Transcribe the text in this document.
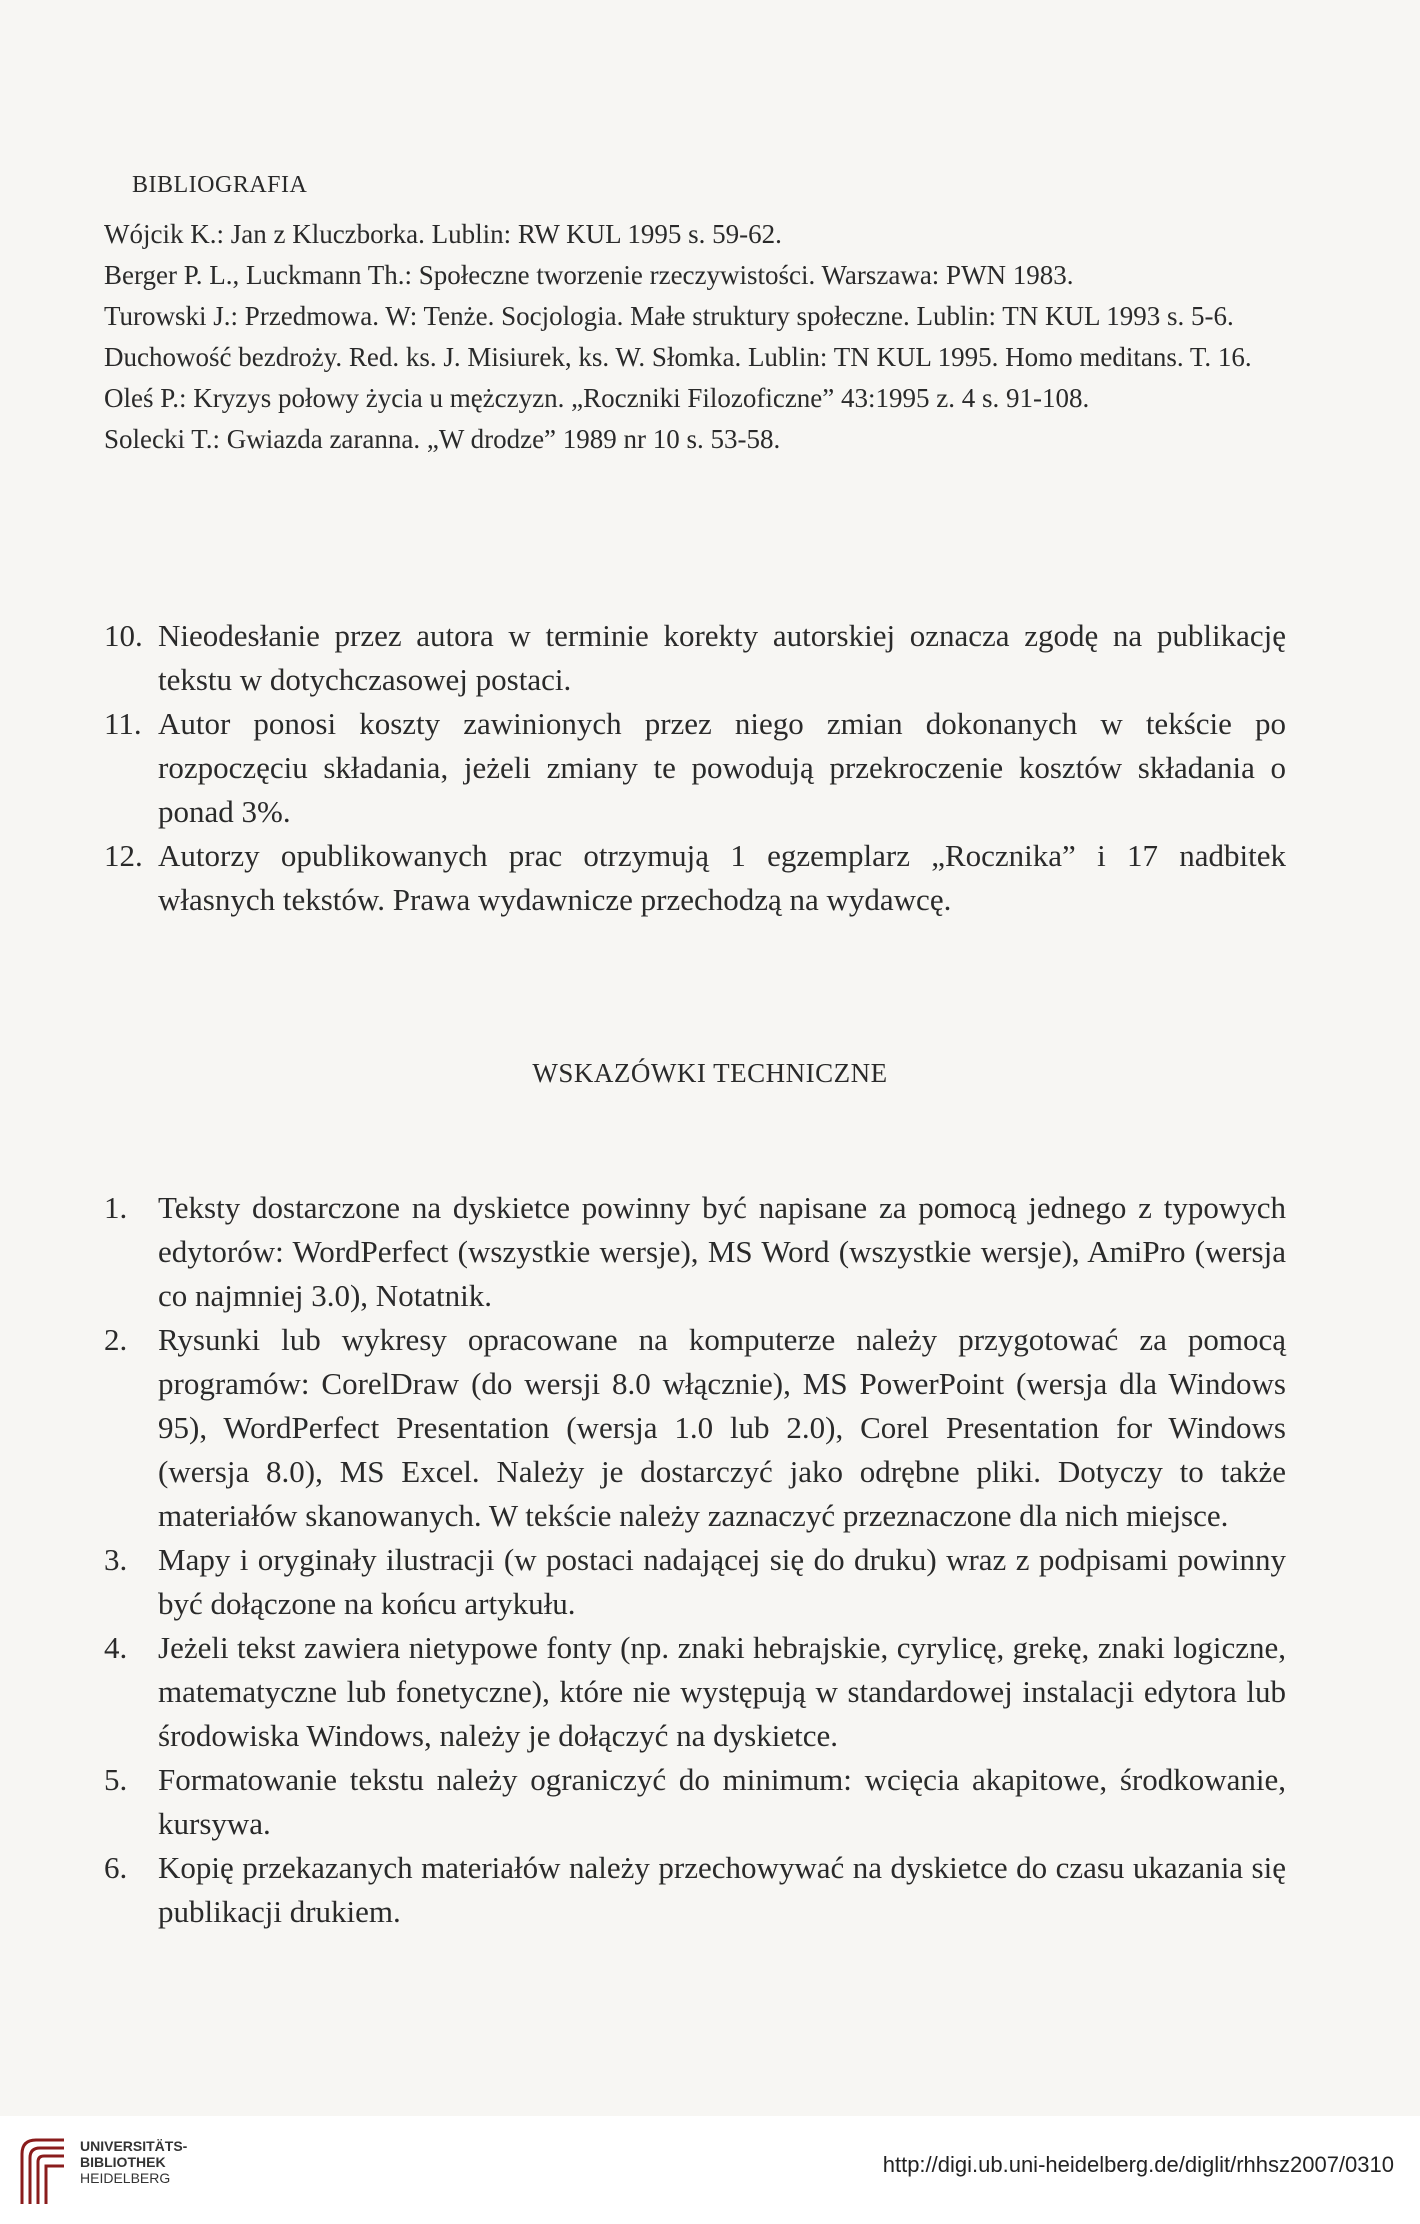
BIBLIOGRAFIA
Wójcik K.: Jan z Kluczborka. Lublin: RW KUL 1995 s. 59-62.
Berger P. L., Luckmann Th.: Społeczne tworzenie rzeczywistości. Warszawa: PWN 1983.
Turowski J.: Przedmowa. W: Tenże. Socjologia. Małe struktury społeczne. Lublin: TN KUL 1993 s. 5-6.
Duchowość bezdroży. Red. ks. J. Misiurek, ks. W. Słomka. Lublin: TN KUL 1995. Homo meditans. T. 16.
Oleś P.: Kryzys połowy życia u mężczyzn. „Roczniki Filozoficzne” 43:1995 z. 4 s. 91-108.
Solecki T.: Gwiazda zaranna. „W drodze” 1989 nr 10 s. 53-58.
10. Nieodesłanie przez autora w terminie korekty autorskiej oznacza zgodę na publikację tekstu w dotychczasowej postaci.
11. Autor ponosi koszty zawinionych przez niego zmian dokonanych w tekście po rozpoczęciu składania, jeżeli zmiany te powodują przekroczenie kosztów składania o ponad 3%.
12. Autorzy opublikowanych prac otrzymują 1 egzemplarz „Rocznika” i 17 nadbitek własnych tekstów. Prawa wydawnicze przechodzą na wydawcę.
WSKAZÓWKI TECHNICZNE
1. Teksty dostarczone na dyskietce powinny być napisane za pomocą jednego z typowych edytorów: WordPerfect (wszystkie wersje), MS Word (wszystkie wersje), AmiPro (wersja co najmniej 3.0), Notatnik.
2. Rysunki lub wykresy opracowane na komputerze należy przygotować za pomocą programów: CorelDraw (do wersji 8.0 włącznie), MS PowerPoint (wersja dla Windows 95), WordPerfect Presentation (wersja 1.0 lub 2.0), Corel Presentation for Windows (wersja 8.0), MS Excel. Należy je dostarczyć jako odrębne pliki. Dotyczy to także materiałów skanowanych. W tekście należy zaznaczyć przeznaczone dla nich miejsce.
3. Mapy i oryginały ilustracji (w postaci nadającej się do druku) wraz z podpisami powinny być dołączone na końcu artykułu.
4. Jeżeli tekst zawiera nietypowe fonty (np. znaki hebrajskie, cyrylicę, grekę, znaki logiczne, matematyczne lub fonetyczne), które nie występują w standardowej instalacji edytora lub środowiska Windows, należy je dołączyć na dyskietce.
5. Formatowanie tekstu należy ograniczyć do minimum: wcięcia akapitowe, środkowanie, kursywa.
6. Kopię przekazanych materiałów należy przechowywać na dyskietce do czasu ukazania się publikacji drukiem.
UNIVERSITÄTS-
BIBLIOTHEK
HEIDELBERG
http://digi.ub.uni-heidelberg.de/diglit/rhhsz2007/0310
